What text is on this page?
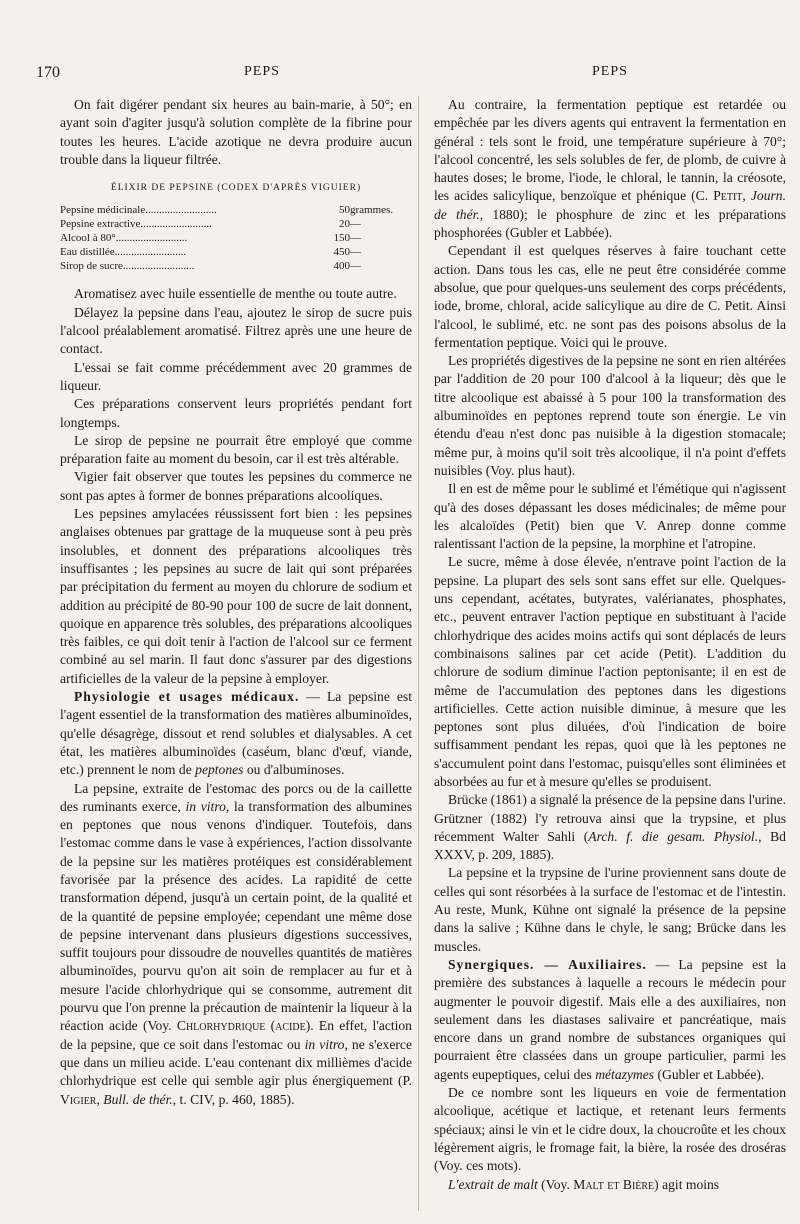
170	PEPS	PEPS

On fait digérer pendant six heures au bain-marie, à 50°; en ayant soin d'agiter jusqu'à solution complète de la fibrine pour toutes les heures. L'acide azotique ne devra produire aucun trouble dans la liqueur filtrée.

ÉLIXIR DE PEPSINE (CODEX D'APRÈS VIGUIER)
Pepsine médicinale..........................	50	grammes.
Pepsine extractive..........................	20	—
Alcool à 80°..........................	150	—
Eau distillée..........................	450	—
Sirop de sucre..........................	400	—

Aromatisez avec huile essentielle de menthe ou toute autre.

Délayez la pepsine dans l'eau, ajoutez le sirop de sucre puis l'alcool préalablement aromatisé. Filtrez après une une heure de contact.

L'essai se fait comme précédemment avec 20 grammes de liqueur.

Ces préparations conservent leurs propriétés pendant fort longtemps.

Le sirop de pepsine ne pourrait être employé que comme préparation faite au moment du besoin, car il est très altérable.

Vigier fait observer que toutes les pepsines du commerce ne sont pas aptes à former de bonnes préparations alcooliques.

Les pepsines amylacées réussissent fort bien : les pepsines anglaises obtenues par grattage de la muqueuse sont à peu près insolubles, et donnent des préparations alcooliques très insuffisantes ; les pepsines au sucre de lait qui sont préparées par précipitation du ferment au moyen du chlorure de sodium et addition au précipité de 80-90 pour 100 de sucre de lait donnent, quoique en apparence très solubles, des préparations alcooliques très faibles, ce qui doit tenir à l'action de l'alcool sur ce ferment combiné au sel marin. Il faut donc s'assurer par des digestions artificielles de la valeur de la pepsine à employer.

Physiologie et usages médicaux. — La pepsine est l'agent essentiel de la transformation des matières albuminoïdes, qu'elle désagrège, dissout et rend solubles et dialysables. A cet état, les matières albuminoïdes (caséum, blanc d'œuf, viande, etc.) prennent le nom de peptones ou d'albuminoses.

La pepsine, extraite de l'estomac des porcs ou de la caillette des ruminants exerce, in vitro, la transformation des albumines en peptones que nous venons d'indiquer. Toutefois, dans l'estomac comme dans le vase à expériences, l'action dissolvante de la pepsine sur les matières protéiques est considérablement favorisée par la présence des acides. La rapidité de cette transformation dépend, jusqu'à un certain point, de la qualité et de la quantité de pepsine employée; cependant une même dose de pepsine intervenant dans plusieurs digestions successives, suffit toujours pour dissoudre de nouvelles quantités de matières albuminoïdes, pourvu qu'on ait soin de remplacer au fur et à mesure l'acide chlorhydrique qui se consomme, autrement dit pourvu que l'on prenne la précaution de maintenir la liqueur à la réaction acide (Voy. Chlorhydrique (acide). En effet, l'action de la pepsine, que ce soit dans l'estomac ou in vitro, ne s'exerce que dans un milieu acide. L'eau contenant dix millièmes d'acide chlorhydrique est celle qui semble agir plus énergiquement (P. Vigier, Bull. de thér., t. CIV, p. 460, 1885).

Au contraire, la fermentation peptique est retardée ou empêchée par les divers agents qui entravent la fermentation en général : tels sont le froid, une température supérieure à 70°; l'alcool concentré, les sels solubles de fer, de plomb, de cuivre à hautes doses; le brome, l'iode, le chloral, le tannin, la créosote, les acides salicylique, benzoïque et phénique (C. Petit, Journ. de thér., 1880); le phosphure de zinc et les préparations phosphorées (Gubler et Labbée).

Cependant il est quelques réserves à faire touchant cette action. Dans tous les cas, elle ne peut être considérée comme absolue, que pour quelques-uns seulement des corps précédents, iode, brome, chloral, acide salicylique au dire de C. Petit. Ainsi l'alcool, le sublimé, etc. ne sont pas des poisons absolus de la fermentation peptique. Voici qui le prouve.

Les propriétés digestives de la pepsine ne sont en rien altérées par l'addition de 20 pour 100 d'alcool à la liqueur; dès que le titre alcoolique est abaissé à 5 pour 100 la transformation des albuminoïdes en peptones reprend toute son énergie. Le vin étendu d'eau n'est donc pas nuisible à la digestion stomacale; même pur, à moins qu'il soit très alcoolique, il n'a point d'effets nuisibles (Voy. plus haut).

Il en est de même pour le sublimé et l'émétique qui n'agissent qu'à des doses dépassant les doses médicinales; de même pour les alcaloïdes (Petit) bien que V. Anrep donne comme ralentissant l'action de la pepsine, la morphine et l'atropine.

Le sucre, même à dose élevée, n'entrave point l'action de la pepsine. La plupart des sels sont sans effet sur elle. Quelques-uns cependant, acétates, butyrates, valérianates, phosphates, etc., peuvent entraver l'action peptique en substituant à l'acide chlorhydrique des acides moins actifs qui sont déplacés de leurs combinaisons salines par cet acide (Petit). L'addition du chlorure de sodium diminue l'action peptonisante; il en est de même de l'accumulation des peptones dans les digestions artificielles. Cette action nuisible diminue, à mesure que les peptones sont plus diluées, d'où l'indication de boire suffisamment pendant les repas, quoi que là les peptones ne s'accumulent point dans l'estomac, puisqu'elles sont éliminées et absorbées au fur et à mesure qu'elles se produisent.

Brücke (1861) a signalé la présence de la pepsine dans l'urine. Grützner (1882) l'y retrouva ainsi que la trypsine, et plus récemment Walter Sahli (Arch. f. die gesam. Physiol., Bd XXXV, p. 209, 1885).

La pepsine et la trypsine de l'urine proviennent sans doute de celles qui sont résorbées à la surface de l'estomac et de l'intestin. Au reste, Munk, Kühne ont signalé la présence de la pepsine dans la salive ; Kühne dans le chyle, le sang; Brücke dans les muscles.

Synergiques. — Auxiliaires. — La pepsine est la première des substances à laquelle a recours le médecin pour augmenter le pouvoir digestif. Mais elle a des auxiliaires, non seulement dans les diastases salivaire et pancréatique, mais encore dans un grand nombre de substances organiques qui pourraient être classées dans un groupe particulier, parmi les agents eupeptiques, celui des métazymes (Gubler et Labbée).

De ce nombre sont les liqueurs en voie de fermentation alcoolique, acétique et lactique, et retenant leurs ferments spéciaux; ainsi le vin et le cidre doux, la choucroûte et les choux légèrement aigris, le fromage fait, la bière, la rosée des droséras (Voy. ces mots).

L'extrait de malt (Voy. Malt et Bière) agit moins
